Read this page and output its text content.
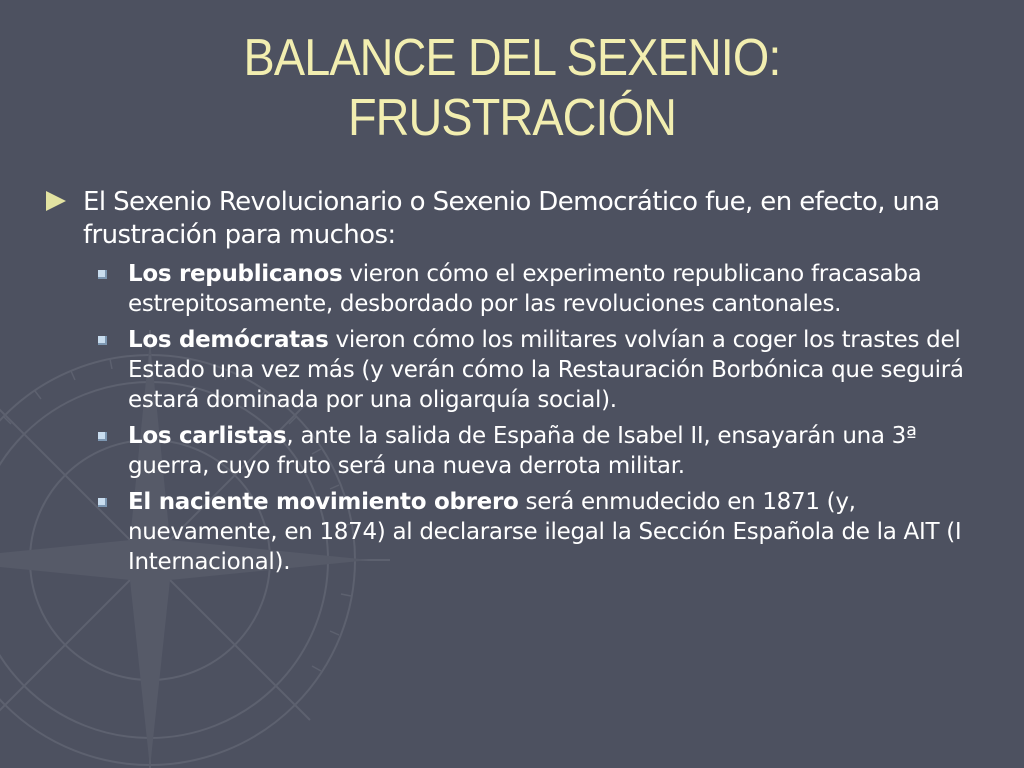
BALANCE DEL SEXENIO:
FRUSTRACIÓN
El Sexenio Revolucionario o Sexenio Democrático fue, en efecto, una frustración para muchos:
Los republicanos vieron cómo el experimento republicano fracasaba estrepitosamente, desbordado por las revoluciones cantonales.
Los demócratas vieron cómo los militares volvían a coger los trastes del Estado una vez más (y verán cómo la Restauración Borbónica que seguirá estará dominada por una oligarquía social).
Los carlistas, ante la salida de España de Isabel II, ensayarán una 3ª guerra, cuyo fruto será una nueva derrota militar.
El naciente movimiento obrero será enmudecido en 1871 (y, nuevamente, en 1874) al declararse ilegal la Sección Española de la AIT (I Internacional).
